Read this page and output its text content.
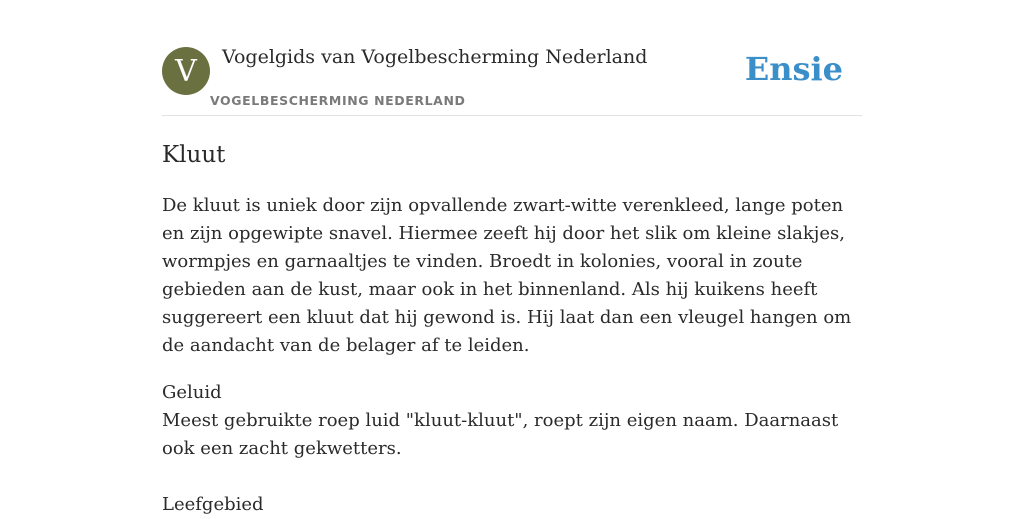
V	Vogelgids van Vogelbescherming Nederland
VOGELBESCHERMING NEDERLAND
Ensie
Kluut

De kluut is uniek door zijn opvallende zwart-witte verenkleed, lange poten en zijn opgewipte snavel. Hiermee zeeft hij door het slik om kleine slakjes, wormpjes en garnaaltjes te vinden. Broedt in kolonies, vooral in zoute gebieden aan de kust, maar ook in het binnenland. Als hij kuikens heeft suggereert een kluut dat hij gewond is. Hij laat dan een vleugel hangen om de aandacht van de belager af te leiden.

Geluid
Meest gebruikte roep luid "kluut-kluut", roept zijn eigen naam. Daarnaast ook een zacht gekwetters.
Leefgebied
